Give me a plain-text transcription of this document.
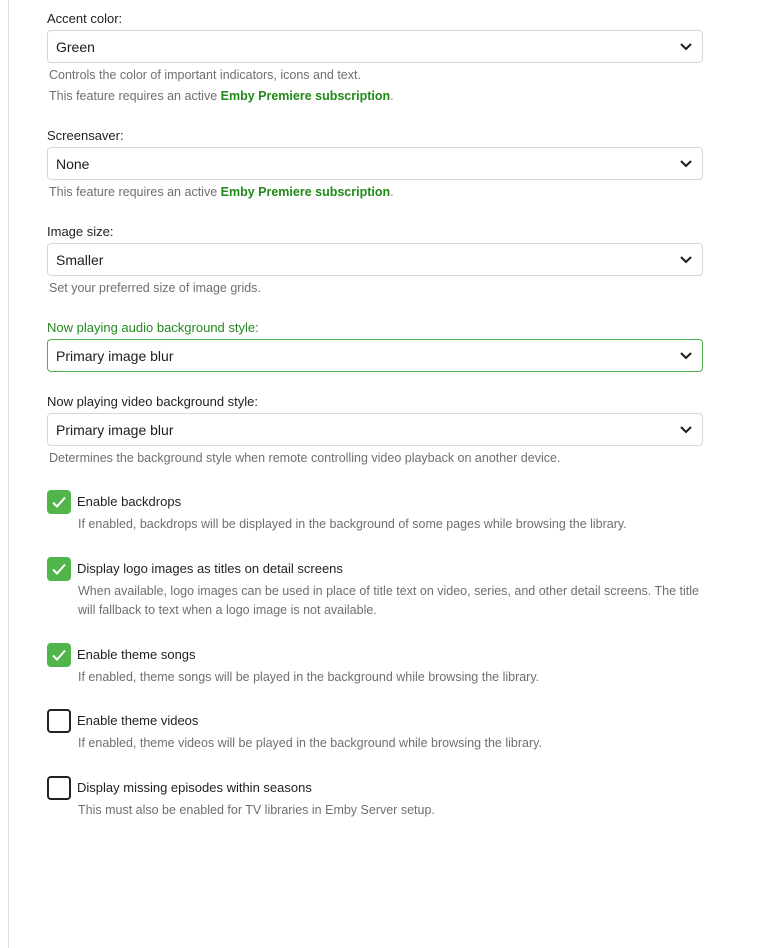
Accent color:
Green
Controls the color of important indicators, icons and text.
This feature requires an active Emby Premiere subscription.
Screensaver:
None
This feature requires an active Emby Premiere subscription.
Image size:
Smaller
Set your preferred size of image grids.
Now playing audio background style:
Primary image blur
Now playing video background style:
Primary image blur
Determines the background style when remote controlling video playback on another device.
Enable backdrops
If enabled, backdrops will be displayed in the background of some pages while browsing the library.
Display logo images as titles on detail screens
When available, logo images can be used in place of title text on video, series, and other detail screens. The title will fallback to text when a logo image is not available.
Enable theme songs
If enabled, theme songs will be played in the background while browsing the library.
Enable theme videos
If enabled, theme videos will be played in the background while browsing the library.
Display missing episodes within seasons
This must also be enabled for TV libraries in Emby Server setup.
